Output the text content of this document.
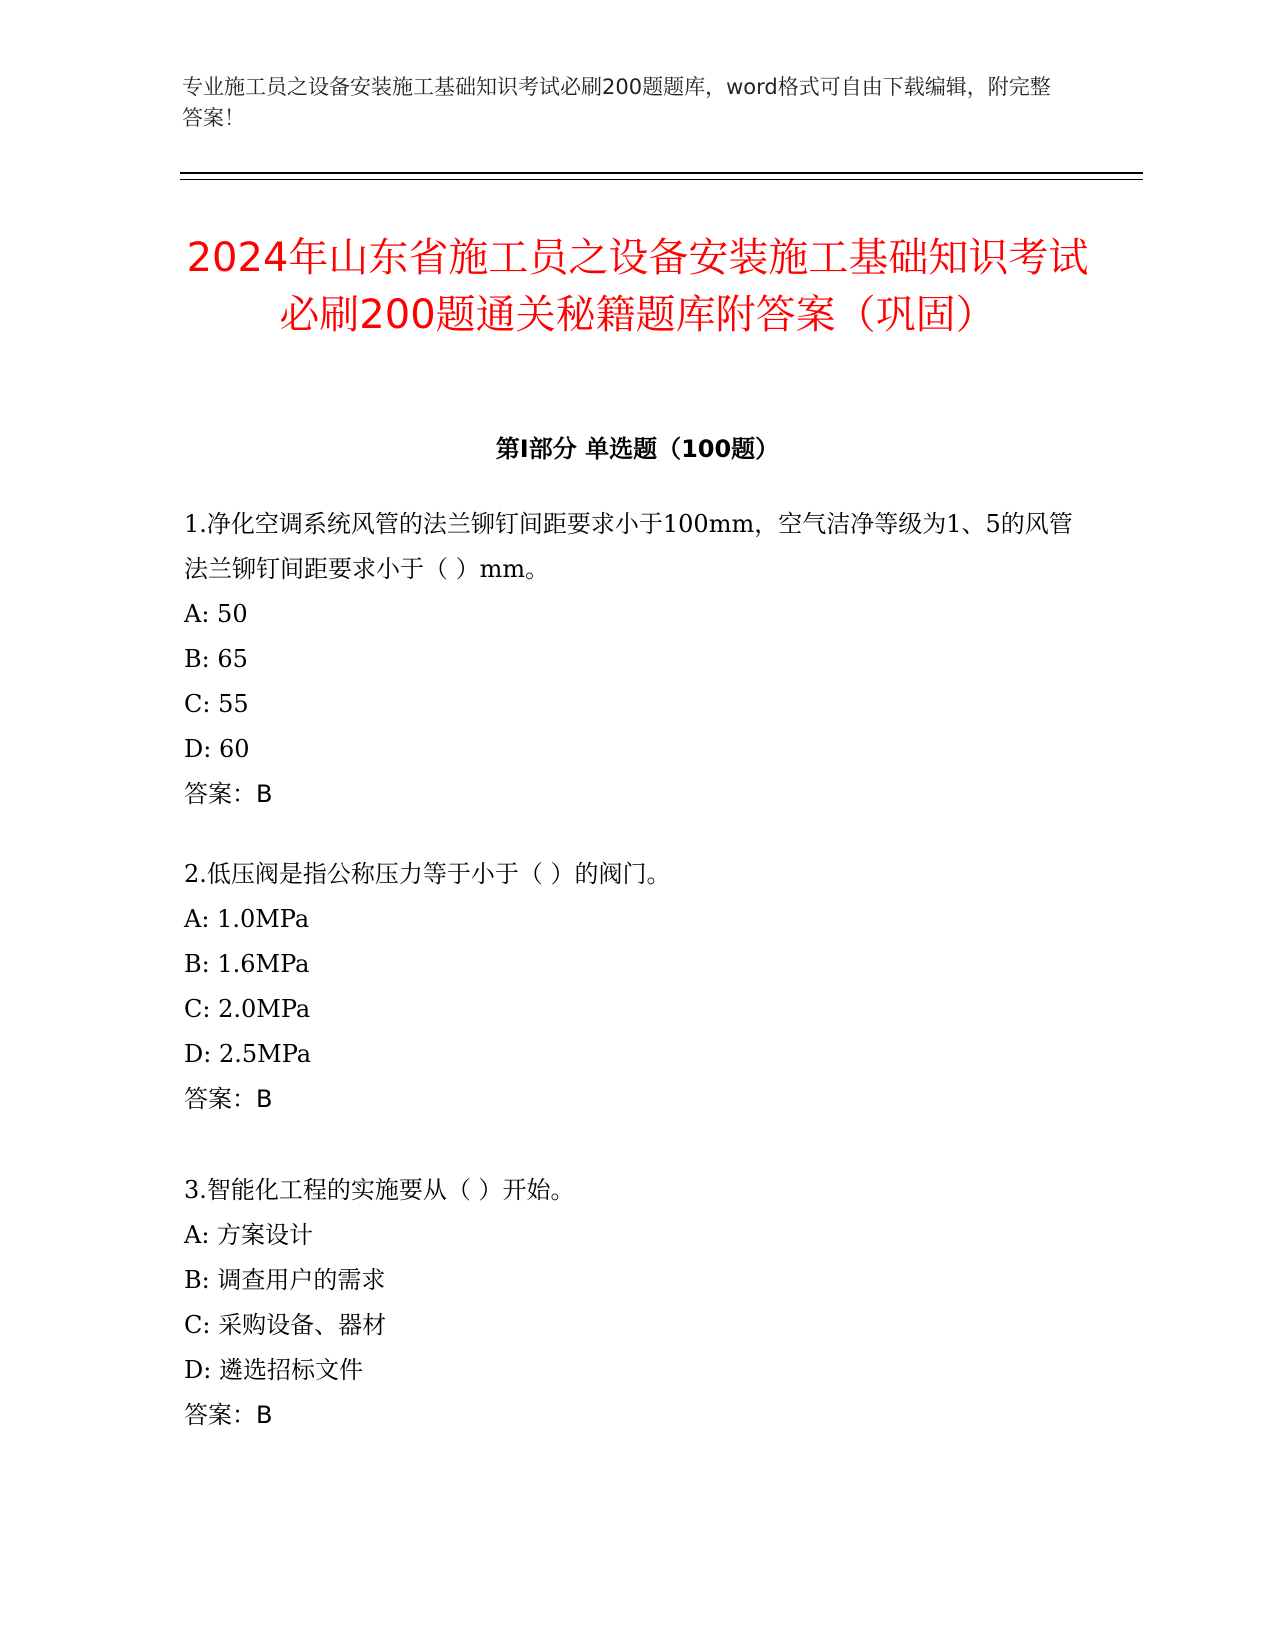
专业施工员之设备安装施工基础知识考试必刷200题题库，word格式可自由下载编辑，附完整答案！
2024年山东省施工员之设备安装施工基础知识考试必刷200题通关秘籍题库附答案（巩固）
第I部分 单选题（100题）

1.净化空调系统风管的法兰铆钉间距要求小于100mm，空气洁净等级为1、5的风管法兰铆钉间距要求小于（ ）mm。

A: 50

B: 65

C: 55

D: 60

答案：B

2.低压阀是指公称压力等于小于（ ）的阀门。

A: 1.0MPa

B: 1.6MPa

C: 2.0MPa

D: 2.5MPa

答案：B

3.智能化工程的实施要从（ ）开始。

A: 方案设计

B: 调查用户的需求

C: 采购设备、器材

D: 遴选招标文件

答案：B
